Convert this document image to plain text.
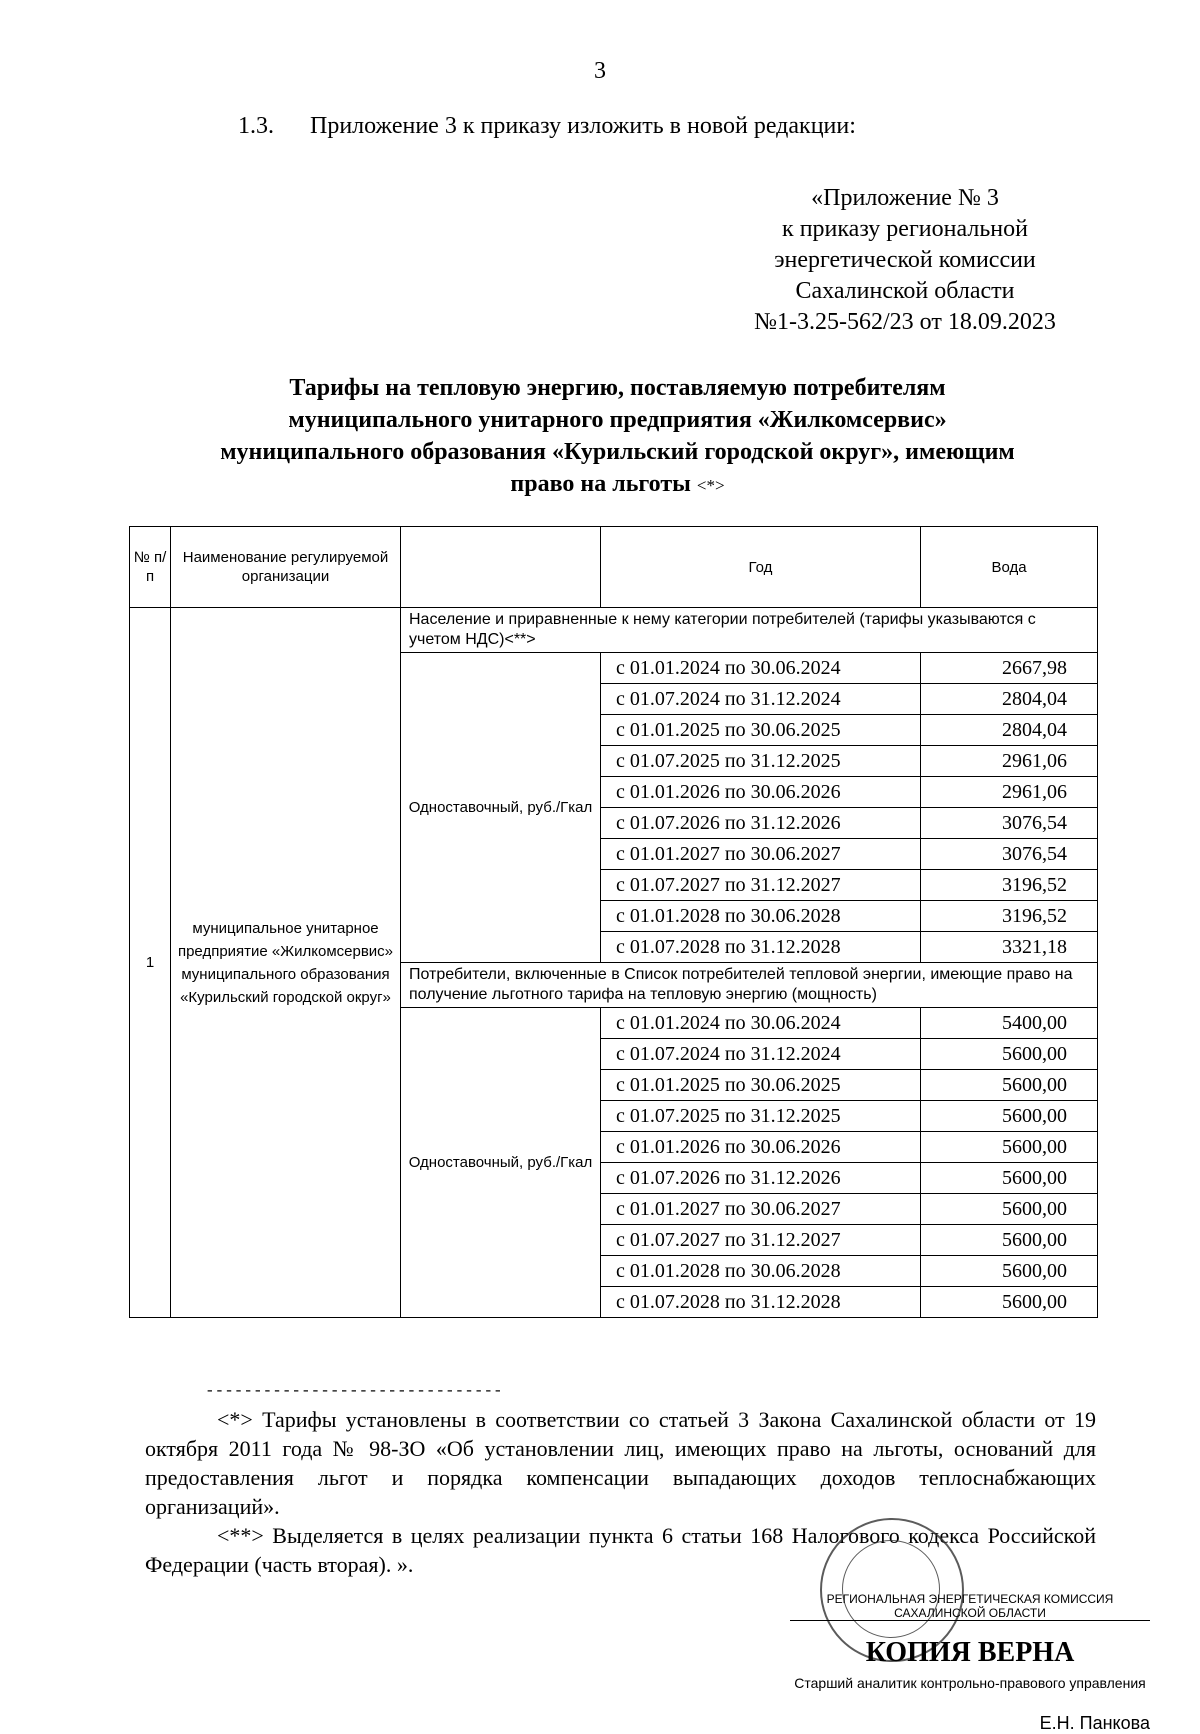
3
1.3. Приложение 3 к приказу изложить в новой редакции:
«Приложение № 3
к приказу региональной
энергетической комиссии
Сахалинской области
№1-3.25-562/23 от 18.09.2023
Тарифы на тепловую энергию, поставляемую потребителям
муниципального унитарного предприятия «Жилкомсервис»
муниципального образования «Курильский городской округ», имеющим
право на льготы <*>
№ п/п	Наименование регулируемой организации		Год	Вода
1	муниципальное унитарное предприятие «Жилкомсервис» муниципального образования «Курильский городской округ»	Население и приравненные к нему категории потребителей (тарифы указываются с учетом НДС)<**>		
		Одноставочный, руб./Гкал	с 01.01.2024 по 30.06.2024	2667,98
			с 01.07.2024 по 31.12.2024	2804,04
			с 01.01.2025 по 30.06.2025	2804,04
			с 01.07.2025 по 31.12.2025	2961,06
			с 01.01.2026 по 30.06.2026	2961,06
			с 01.07.2026 по 31.12.2026	3076,54
			с 01.01.2027 по 30.06.2027	3076,54
			с 01.07.2027 по 31.12.2027	3196,52
			с 01.01.2028 по 30.06.2028	3196,52
			с 01.07.2028 по 31.12.2028	3321,18
		Потребители, включенные в Список потребителей тепловой энергии, имеющие право на получение льготного тарифа на тепловую энергию (мощность)		
		Одноставочный, руб./Гкал	с 01.01.2024 по 30.06.2024	5400,00
			с 01.07.2024 по 31.12.2024	5600,00
			с 01.01.2025 по 30.06.2025	5600,00
			с 01.07.2025 по 31.12.2025	5600,00
			с 01.01.2026 по 30.06.2026	5600,00
			с 01.07.2026 по 31.12.2026	5600,00
			с 01.01.2027 по 30.06.2027	5600,00
			с 01.07.2027 по 31.12.2027	5600,00
			с 01.01.2028 по 30.06.2028	5600,00
			с 01.07.2028 по 31.12.2028	5600,00
-------------------------------

<*> Тарифы установлены в соответствии со статьей 3 Закона Сахалинской области от 19 октября 2011 года № 98-ЗО «Об установлении лиц, имеющих право на льготы, оснований для предоставления льгот и порядка компенсации выпадающих доходов теплоснабжающих организаций».

<**> Выделяется в целях реализации пункта 6 статьи 168 Налогового кодекса Российской Федерации (часть вторая). ».

РЕГИОНАЛЬНАЯ ЭНЕРГЕТИЧЕСКАЯ КОМИССИЯ САХАЛИНСКОЙ ОБЛАСТИ
КОПИЯ ВЕРНА
Старший аналитик контрольно-правового управления
Е.Н. Панкова
